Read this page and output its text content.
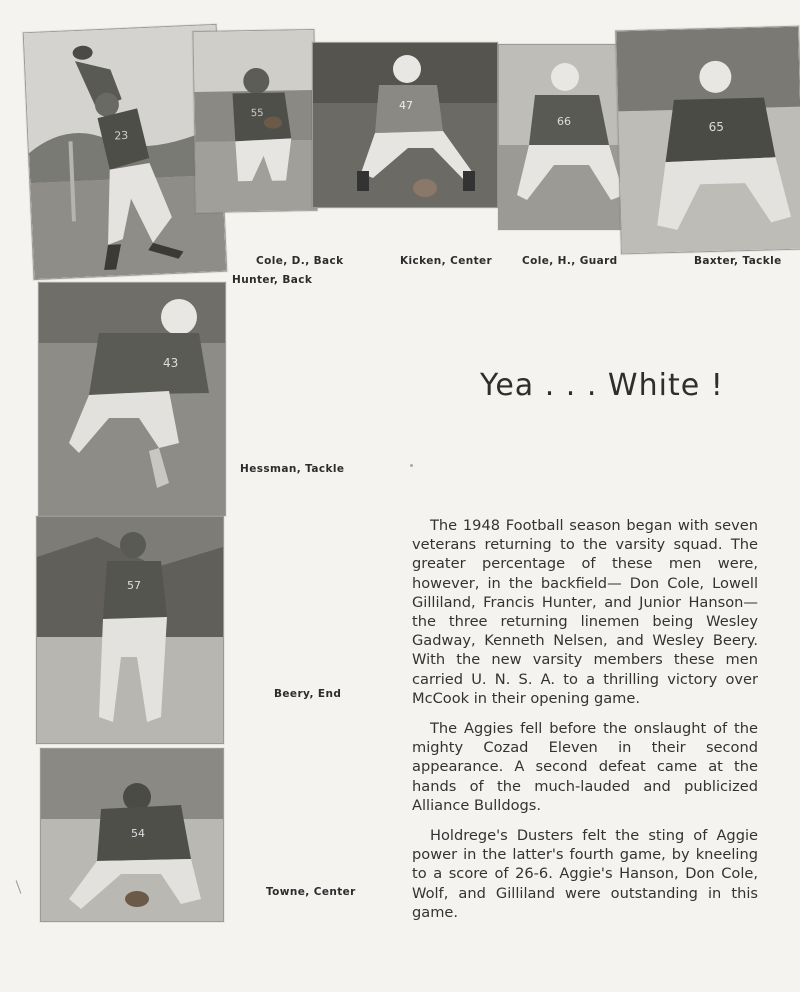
23
55
47
66	65
43
57
54
Cole, D., Back
Hunter, Back
Kicken, Center	Cole, H., Guard	Baxter, Tackle
Hessman, Tackle
Beery, End
Towne, Center
Yea . . . White !

The 1948 Football season began with seven veterans returning to the varsity squad. The greater percentage of these men were, however, in the backfield— Don Cole, Lowell Gilliland, Francis Hunter, and Junior Hanson—the three returning linemen being Wesley Gadway, Kenneth Nelsen, and Wesley Beery. With the new varsity members these men carried U. N. S. A. to a thrilling victory over McCook in their opening game.

The Aggies fell before the onslaught of the mighty Cozad Eleven in their second appearance. A second defeat came at the hands of the much-lauded and publicized Alliance Bulldogs.

Holdrege's Dusters felt the sting of Aggie power in the latter's fourth game, by kneeling to a score of 26-6. Aggie's Hanson, Don Cole, Wolf, and Gilliland were outstanding in this game.
